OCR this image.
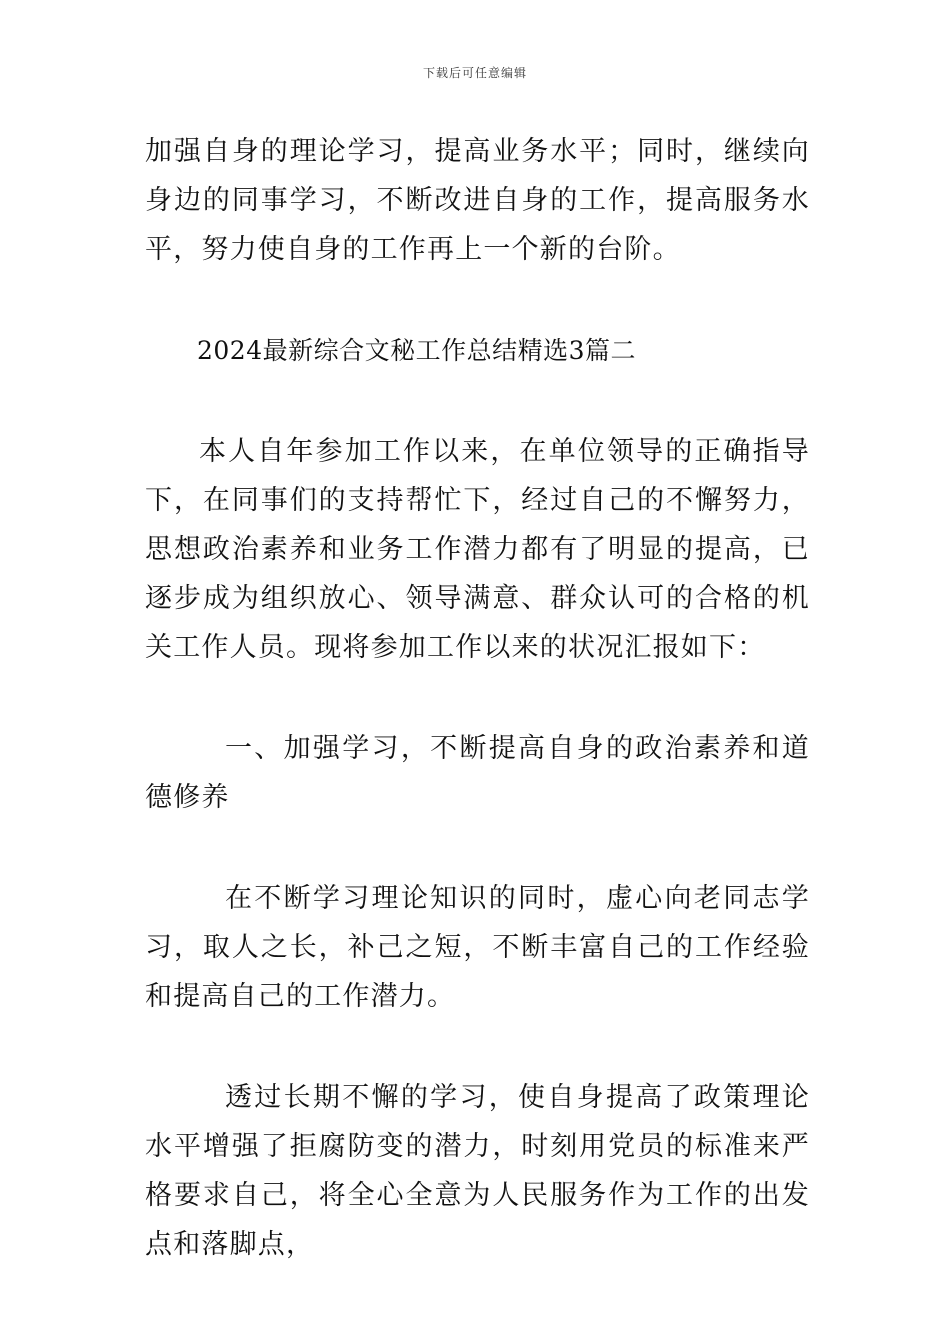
下载后可任意编辑

加强自身的理论学习，提高业务水平；同时，继续向身边的同事学习，不断改进自身的工作，提高服务水平，努力使自身的工作再上一个新的台阶。

2024最新综合文秘工作总结精选3篇二

本人自年参加工作以来，在单位领导的正确指导下，在同事们的支持帮忙下，经过自己的不懈努力，思想政治素养和业务工作潜力都有了明显的提高，已逐步成为组织放心、领导满意、群众认可的合格的机关工作人员。现将参加工作以来的状况汇报如下：

一、加强学习，不断提高自身的政治素养和道德修养

在不断学习理论知识的同时，虚心向老同志学习，取人之长，补己之短，不断丰富自己的工作经验和提高自己的工作潜力。

透过长期不懈的学习，使自身提高了政策理论水平增强了拒腐防变的潜力，时刻用党员的标准来严格要求自己，将全心全意为人民服务作为工作的出发点和落脚点，
